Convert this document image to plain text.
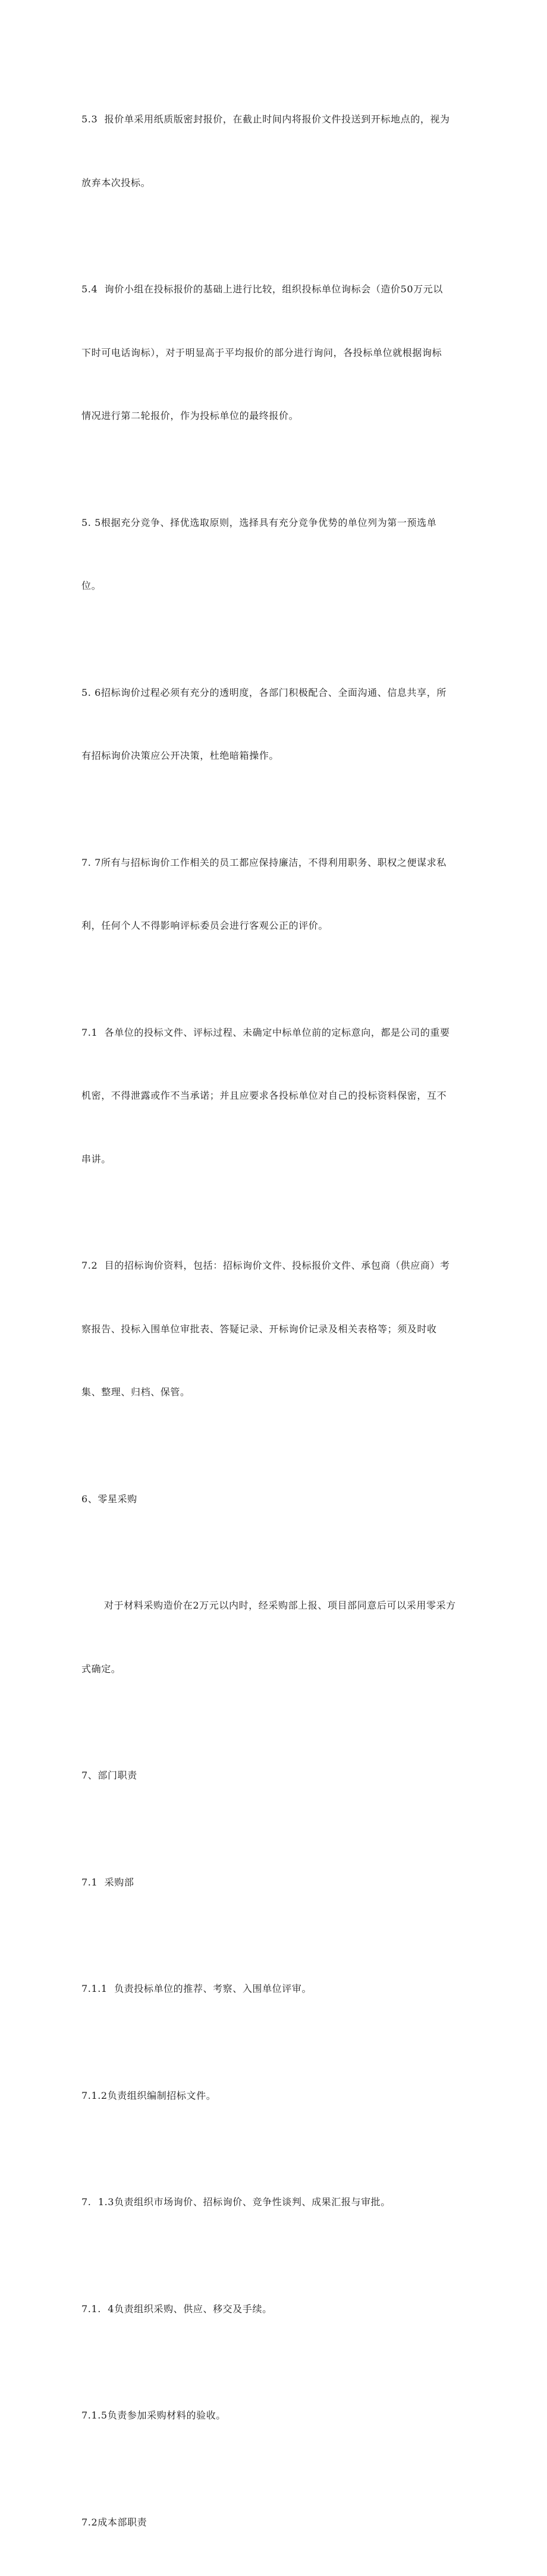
5.3  报价单采用纸质版密封报价，在截止时间内将报价文件投送到开标地点的，视为

放弃本次投标。

5.4  询价小组在投标报价的基础上进行比较，组织投标单位询标会（造价50万元以

下时可电话询标），对于明显高于平均报价的部分进行询问，各投标单位就根据询标

情况进行第二轮报价，作为投标单位的最终报价。

5. 5根据充分竞争、择优选取原则，选择具有充分竞争优势的单位列为第一预选单

位。

5. 6招标询价过程必须有充分的透明度，各部门积极配合、全面沟通、信息共享，所

有招标询价决策应公开决策，杜绝暗箱操作。

7. 7所有与招标询价工作相关的员工都应保持廉洁，不得利用职务、职权之便谋求私

利，任何个人不得影响评标委员会进行客观公正的评价。

7.1  各单位的投标文件、评标过程、未确定中标单位前的定标意向，都是公司的重要

机密，不得泄露或作不当承诺；并且应要求各投标单位对自己的投标资料保密，互不

串讲。

7.2  目的招标询价资料，包括：招标询价文件、投标报价文件、承包商（供应商）考

察报告、投标入围单位审批表、答疑记录、开标询价记录及相关表格等；须及时收

集、整理、归档、保管。

6、零星采购

对于材料采购造价在2万元以内时，经采购部上报、项目部同意后可以采用零采方

式确定。

7、部门职责

7.1  采购部

7.1.1  负责投标单位的推荐、考察、入围单位评审。

7.1.2负责组织编制招标文件。

7.  1.3负责组织市场询价、招标询价、竞争性谈判、成果汇报与审批。

7.1.  4负责组织采购、供应、移交及手续。

7.1.5负责参加采购材料的验收。

7.2成本部职责
